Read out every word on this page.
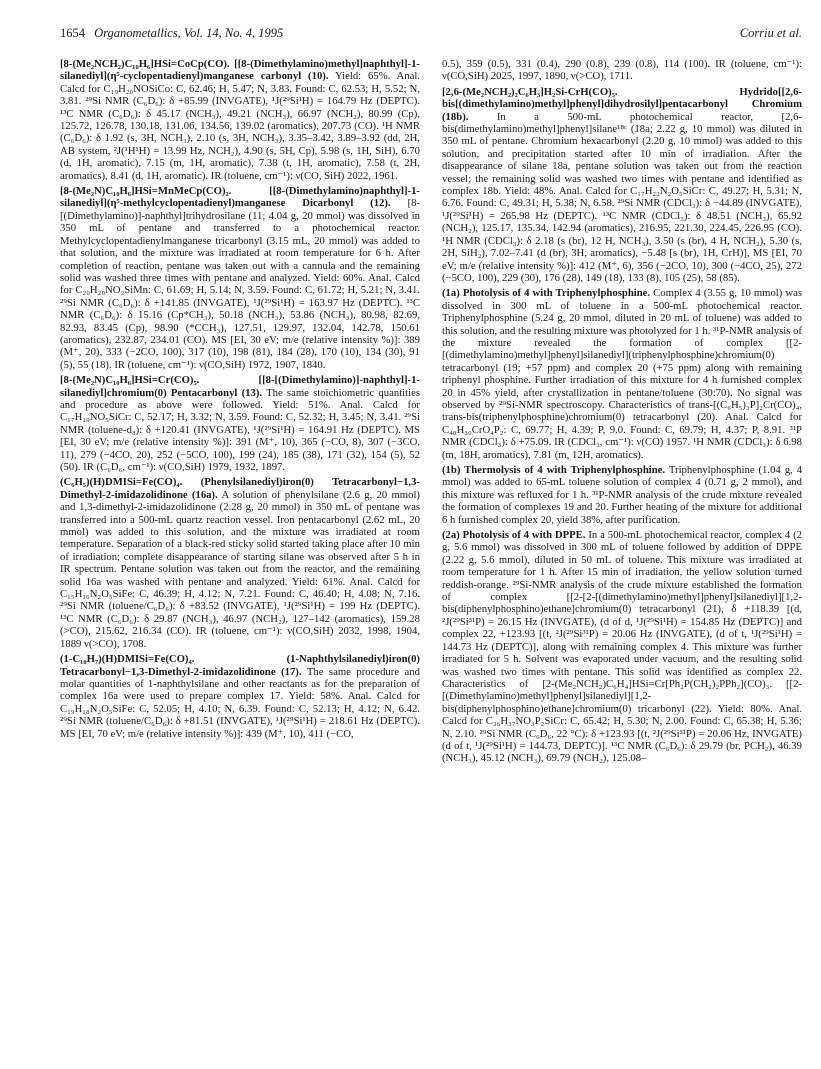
1654 Organometallics, Vol. 14, No. 4, 1995	Corriu et al.

[8-(Me₂NCH₂)C₁₀H₆]HSi=CoCp(CO). [[8-(Dimethylamino)methyl]naphthyl]-1-silanediyl](η⁵-cyclopentadienyl)manganese carbonyl (10). Yield: 65%. Anal. Calcd for C₁₉H₂₀NOSiCo: C, 62.46; H, 5.47; N, 3.83. Found: C, 62.53; H, 5.52; N, 3.81. ²⁹Si NMR (C₆D₆): δ +85.99 (INVGATE), ¹J(²⁹Si¹H) = 164.79 Hz (DEPTC). ¹³C NMR (C₆D₆): δ 45.17 (NCH₃), 49.21 (NCH₃), 66.97 (NCH₂), 80.99 (Cp), 125.72, 126.78, 130.18, 131.06, 134.56, 139.02 (aromatics), 207.73 (CO). ¹H NMR (C₆D₆): δ 1.92 (s, 3H, NCH₃), 2.10 (s, 3H, NCH₃), 3.35–3.42, 3.89–3.92 (dd, 2H, AB system, ²J(¹H¹H) = 13.99 Hz, NCH₂), 4.90 (s, 5H, Cp), 5.98 (s, 1H, SiH), 6.70 (d, 1H, aromatic), 7.15 (m, 1H, aromatic), 7.38 (t, 1H, aromatic), 7.58 (t, 2H, aromatics), 8.41 (d, 1H, aromatic). IR (toluene, cm⁻¹): ν(CO, SiH) 2022, 1961.

[8-(Me₂N)C₁₀H₆]HSi=MnMeCp(CO)₂. [[8-(Dimethylamino)naphthyl]-1-silanediyl](η⁵-methylcyclopentadienyl)manganese Dicarbonyl (12). [8-[(Dimethylamino)]-naphthyl]trihydrosilane (11; 4.04 g, 20 mmol) was dissolved in 350 mL of pentane and transferred to a photochemical reactor. Methylcyclopentadienylmanganese tricarbonyl (3.15 mL, 20 mmol) was added to that solution, and the mixture was irradiated at room temperature for 6 h. After completion of reaction, pentane was taken out with a cannula and the remaining solid was washed three times with pentane and analyzed. Yield: 60%. Anal. Calcd for C₂₀H₂₀NO₂SiMn: C, 61.69; H, 5.14; N, 3.59. Found: C, 61.72; H, 5.21; N, 3.41. ²⁹Si NMR (C₆D₆): δ +141.85 (INVGATE), ¹J(²⁹Si¹H) = 163.97 Hz (DEPTC). ¹³C NMR (C₆D₆): δ 15.16 (Cp*CH₃), 50.18 (NCH₃), 53.86 (NCH₃), 80.98, 82.69, 82.93, 83.45 (Cp), 98.90 (*CCH₃), 127.51, 129.97, 132.04, 142.78, 150.61 (aromatics), 232.87, 234.01 (CO). MS [EI, 30 eV; m/e (relative intensity %)]: 389 (M⁺, 20), 333 (−2CO, 100), 317 (10), 198 (81), 184 (28), 170 (10), 134 (30), 91 (5), 55 (18). IR (toluene, cm⁻¹): ν(CO,SiH) 1972, 1907, 1840.

[8-(Me₂N)C₁₀H₆]HSi=Cr(CO)₅. [[8-[(Dimethylamino)]-naphthyl]-1-silanediyl]chromium(0) Pentacarbonyl (13). The same stoichiometric quantities and procedure as above were followed. Yield: 51%. Anal. Calcd for C₁₇H₁₉NO₅SiCr: C, 52.17; H, 3.32; N, 3.59. Found: C, 52.32; H, 3.45; N, 3.41. ²⁹Si NMR (toluene-d₈): δ +120.41 (INVGATE), ¹J(²⁹Si¹H) = 164.91 Hz (DEPTC). MS [EI, 30 eV; m/e (relative intensity %)]: 391 (M⁺, 10), 365 (−CO, 8), 307 (−3CO, 11), 279 (−4CO, 20), 252 (−5CO, 100), 199 (24), 185 (38), 171 (32), 154 (5), 52 (50). IR (C₆D₆, cm⁻¹): ν(CO,SiH) 1979, 1932, 1897.

(C₆H₅)(H)DMISi=Fe(CO)₄. (Phenylsilanediyl)iron(0) Tetracarbonyl−1,3-Dimethyl-2-imidazolidinone (16a). A solution of phenylsilane (2.6 g, 20 mmol) and 1,3-dimethyl-2-imidazolidinone (2.28 g, 20 mmol) in 350 mL of pentane was transferred into a 500-mL quartz reaction vessel. Iron pentacarbonyl (2.62 mL, 20 mmol) was added to this solution, and the mixture was irradiated at room temperature. Separation of a black-red sticky solid started taking place after 10 min of irradiation; complete disappearance of starting silane was observed after 5 h in IR spectrum. Pentane solution was taken out from the reactor, and the remaining solid 16a was washed with pentane and analyzed. Yield: 61%. Anal. Calcd for C₁₅H₁₆N₂O₅SiFe: C, 46.39; H, 4.12; N, 7.21. Found: C, 46.40; H, 4.08; N, 7.16. ²⁹Si NMR (toluene/C₆D₆): δ +83.52 (INVGATE), ¹J(²⁹Si¹H) = 199 Hz (DEPTC). ¹³C NMR (C₆D₆): δ 29.87 (NCH₃), 46.97 (NCH₂), 127–142 (aromatics), 159.28 (>CO), 215.62, 216.34 (CO). IR (toluene, cm⁻¹): ν(CO,SiH) 2032, 1998, 1904, 1889 ν(>CO), 1708.

(1-C₁₀H₇)(H)DMISi=Fe(CO)₄. (1-Naphthylsilanediyl)iron(0) Tetracarbonyl−1,3-Dimethyl-2-imidazolidinone (17). The same procedure and molar quantities of 1-naphthylsilane and other reactants as for the preparation of complex 16a were used to prepare complex 17. Yield: 58%. Anal. Calcd for C₁₉H₁₈N₂O₅SiFe: C, 52.05; H, 4.10; N, 6.39. Found: C, 52.13; H, 4.12; N, 6.42. ²⁹Si NMR (toluene/C₆D₆): δ +81.51 (INVGATE), ¹J(²⁹Si¹H) = 218.61 Hz (DEPTC). MS [EI, 70 eV; m/e (relative intensity %)]: 439 (M⁺, 10), 411 (−CO,

0.5), 359 (0.5), 331 (0.4), 290 (0.8), 239 (0.8), 114 (100). IR (toluene, cm⁻¹): ν(CO,SiH) 2025, 1997, 1890, ν(>CO), 1711.

[2,6-(Me₂NCH₂)₂C₆H₃]H₂Si-CrH(CO)₅. Hydrido[[2,6-bis[(dimethylamino)methyl]phenyl]dihydrosilyl]pentacarbonyl Chromium (18b).	In a 500-mL photochemical reactor, [2,6-bis(dimethylamino)methyl]phenyl]silane¹⁸ᶜ (18a; 2.22 g, 10 mmol) was diluted in 350 mL of pentane. Chromium hexacarbonyl (2.20 g, 10 mmol) was added to this solution, and precipitation started after 10 min of irradiation. After the disappearance of silane 18a, pentane solution was taken out from the reaction vessel; the remaining solid was washed two times with pentane and identified as complex 18b. Yield: 48%. Anal. Calcd for C₁₇H₂₂N₂O₅SiCr: C, 49.27; H, 5.31; N, 6.76. Found: C, 49.31; H, 5.38; N, 6.58. ²⁹Si NMR (CDCl₃): δ −44.89 (INVGATE), ¹J(²⁹Si¹H) = 265.98 Hz (DEPTC). ¹³C NMR (CDCl₃): δ 48.51 (NCH₃), 65.92 (NCH₂), 125.17, 135.34, 142.94 (aromatics), 216.95, 221.30, 224.45, 226.95 (CO). ¹H NMR (CDCl₃): δ 2.18 (s (br), 12 H, NCH₃), 3.50 (s (br), 4 H, NCH₂), 5.30 (s, 2H, SiH₂), 7.02–7.41 (d (br), 3H, aromatics), −5.48 [s (br), 1H, CrH)], MS [EI, 70 eV; m/e (relative intensity %)]: 412 (M⁺, 6), 356 (−2CO, 10), 300 (−4CO, 25), 272 (−5CO, 100), 229 (30), 176 (28), 149 (18), 133 (8), 105 (25), 58 (85).

(1a) Photolysis of 4 with Triphenylphosphine. Complex 4 (3.55 g, 10 mmol) was dissolved in 300 mL of toluene in a 500-mL photochemical reactor. Triphenylphosphine (5.24 g, 20 mmol, diluted in 20 mL of toluene) was added to this solution, and the resulting mixture was photolyzed for 1 h. ³¹P-NMR analysis of the mixture revealed the formation of complex [[2-[(dimethylamino)methyl]phenyl]silanediyl](triphenylphosphine)chromium(0) tetracarbonyl (19; +57 ppm) and complex 20 (+75 ppm) along with remaining triphenyl phosphine. Further irradiation of this mixture for 4 h furnished complex 20 in 45% yield, after crystallization in pentane/toluene (30:70). No signal was observed by ²⁹Si-NMR spectroscopy. Characteristics of trans-[(C₆H₅)₃P]₂Cr(CO)₄, trans-bis(triphenylphosphine)chromium(0) tetracarbonyl (20). Anal. Calcd for C₄₀H₃₀CrO₄P₂: C, 69.77; H, 4.39; P, 9.0. Found: C, 69.79; H, 4.37; P, 8.91. ³¹P NMR (CDCl₃): δ +75.09. IR (CDCl₃, cm⁻¹): ν(CO) 1957. ¹H NMR (CDCl₃): δ 6.98 (m, 18H, aromatics), 7.81 (m, 12H, aromatics).

(1b) Thermolysis of 4 with Triphenylphosphine. Triphenylphosphine (1.04 g, 4 mmol) was added to 65-mL toluene solution of complex 4 (0.71 g, 2 mmol), and this mixture was refluxed for 1 h. ³¹P-NMR analysis of the crude mixture revealed the formation of complexes 19 and 20. Further heating of the mixture for additional 6 h furnished complex 20, yield 38%, after purification.

(2a) Photolysis of 4 with DPPE. In a 500-mL photochemical reactor, complex 4 (2 g, 5.6 mmol) was dissolved in 300 mL of toluene followed by addition of DPPE (2.22 g, 5.6 mmol), diluted in 50 mL of toluene. This mixture was irradiated at room temperature for 1 h. After 15 min of irradiation, the yellow solution turned reddish-orange. ²⁹Si-NMR analysis of the crude mixture established the formation of complex [[2-[2-[(dimethylamino)methyl]phenyl]silanediyl][1,2-bis(diphenylphosphino)ethane]chromium(0) tetracarbonyl (21), δ +118.39 [(d, ²J(²⁹Si³¹P) = 26.15 Hz (INVGATE), (d of d, ¹J(²⁹Si¹H) = 154.85 Hz (DEPTC)] and complex 22, +123.93 [(t, ²J(²⁹Si³¹P) = 20.06 Hz (INVGATE), (d of t, ¹J(²⁹Si¹H) = 144.73 Hz (DEPTC)], along with remaining complex 4. This mixture was further irradiated for 5 h. Solvent was evaporated under vacuum, and the resulting solid was washed two times with pentane. This solid was identified as complex 22. Characteristics of [2-(Me₂NCH₂)C₆H₄]HSi=Cr[Ph₂P(CH₂)₂PPh₂](CO)₃. [[2-[(Dimethylamino)methyl]phenyl]silanediyl][1,2-bis(diphenylphosphino)ethane]chromium(0) tricarbonyl (22). Yield: 80%. Anal. Calcd for C₃₆H₃₇NO₃P₂SiCr: C, 65.42; H, 5.30; N, 2.00. Found: C, 65.38; H, 5.36; N, 2.10. ²⁹Si NMR (C₆D₆, 22 °C): δ +123.93 [(t, ²J(²⁹Si³¹P) = 20.06 Hz, INVGATE) (d of t, ¹J(²⁹Si¹H) = 144.73, DEPTC)]. ¹³C NMR (C₆D₆): δ 29.79 (br, PCH₂), 46.39 (NCH₃), 45.12 (NCH₃), 69.79 (NCH₂), 125.08–
